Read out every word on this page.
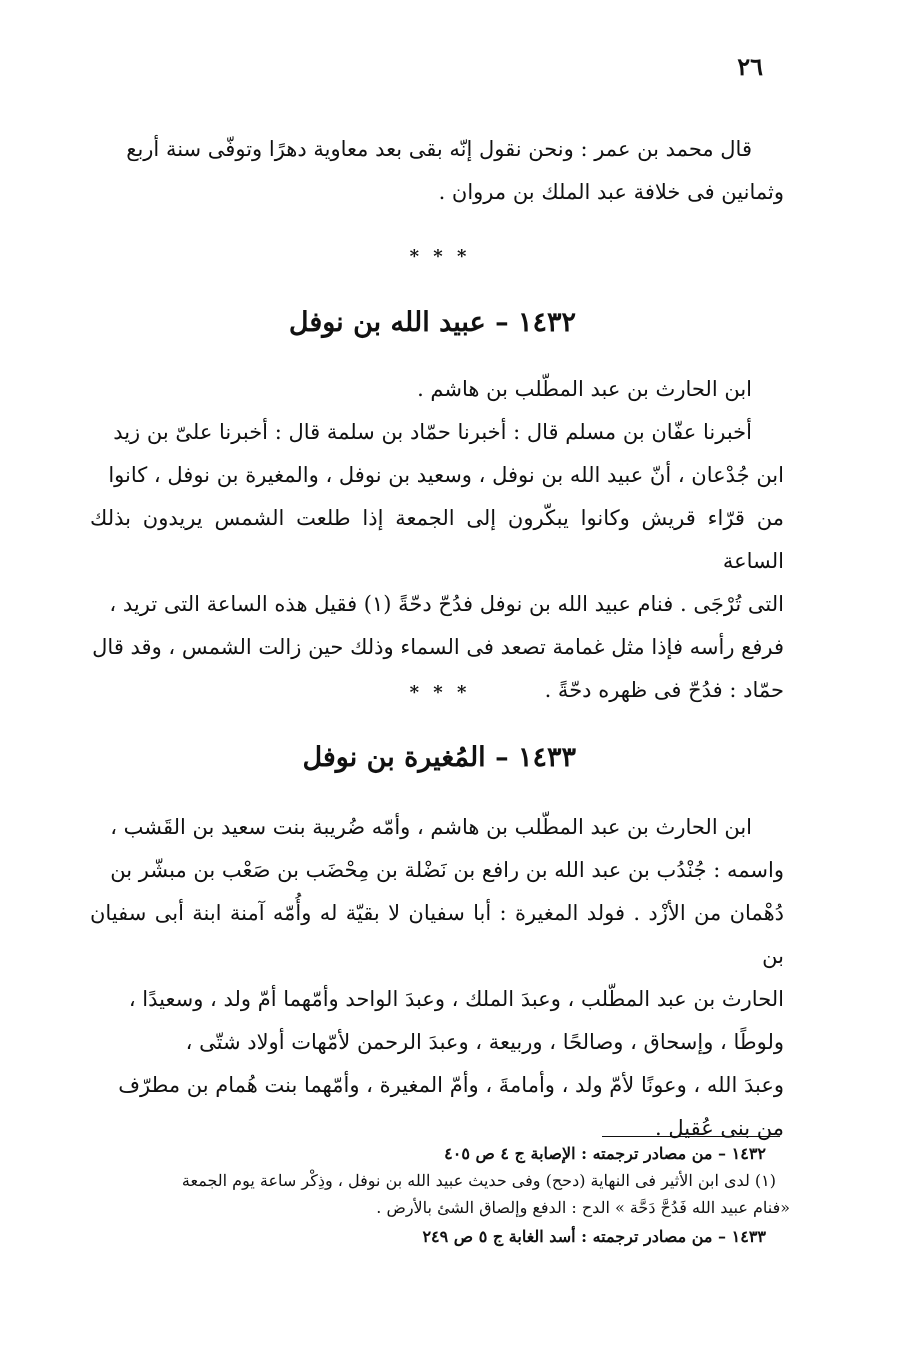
٢٦

قال محمد بن عمر : ونحن نقول إنّه بقى بعد معاوية دهرًا وتوفّى سنة أربع

وثمانين فى خلافة عبد الملك بن مروان .

* * *
١٤٣٢ – عبيد الله بن نوفل

ابن الحارث بن عبد المطّلب بن هاشم .

أخبرنا عفّان بن مسلم قال : أخبرنا حمّاد بن سلمة قال : أخبرنا علىّ بن زيد

ابن جُدْعان ، أنّ عبيد الله بن نوفل ، وسعيد بن نوفل ، والمغيرة بن نوفل ، كانوا

من قرّاء قريش وكانوا يبكّرون إلى الجمعة إذا طلعت الشمس يريدون بذلك الساعة

التى تُرْجَى . فنام عبيد الله بن نوفل فدُحّ دحّةً (١) فقيل هذه الساعة التى تريد ،

فرفع رأسه فإذا مثل غمامة تصعد فى السماء وذلك حين زالت الشمس ، وقد قال

حمّاد : فدُحّ فى ظهره دحّةً .

* * *
١٤٣٣ – المُغيرة بن نوفل

ابن الحارث بن عبد المطّلب بن هاشم ، وأمّه ضُريبة بنت سعيد بن القَشب ،

واسمه : جُنْدُب بن عبد الله بن رافع بن نَضْلة بن مِحْضَب بن صَعْب بن مبشّر بن

دُهْمان من الأزْد . فولد المغيرة : أبا سفيان لا بقيّة له وأُمّه آمنة ابنة أبى سفيان بن

الحارث بن عبد المطّلب ، وعبدَ الملك ، وعبدَ الواحد وأمّهما أمّ ولد ، وسعيدًا ،

ولوطًا ، وإسحاق ، وصالحًا ، وربيعة ، وعبدَ الرحمن لأمّهات أولاد شتّى ،

وعبدَ الله ، وعونًا لأمّ ولد ، وأمامةَ ، وأمّ المغيرة ، وأمّهما بنت هُمام بن مطرّف

من بنى عُقيل .

١٤٣٢ – من مصادر ترجمته : الإصابة ج ٤ ص ٤٠٥

(١) لدى ابن الأثير فى النهاية (دحح) وفى حديث عبيد الله بن نوفل ، وذِكْر ساعة يوم الجمعة

«فنام عبيد الله فَدُحَّ دَحَّة » الدح : الدفع وإلصاق الشئ بالأرض .

١٤٣٣ – من مصادر ترجمته : أسد الغابة ج ٥ ص ٢٤٩
